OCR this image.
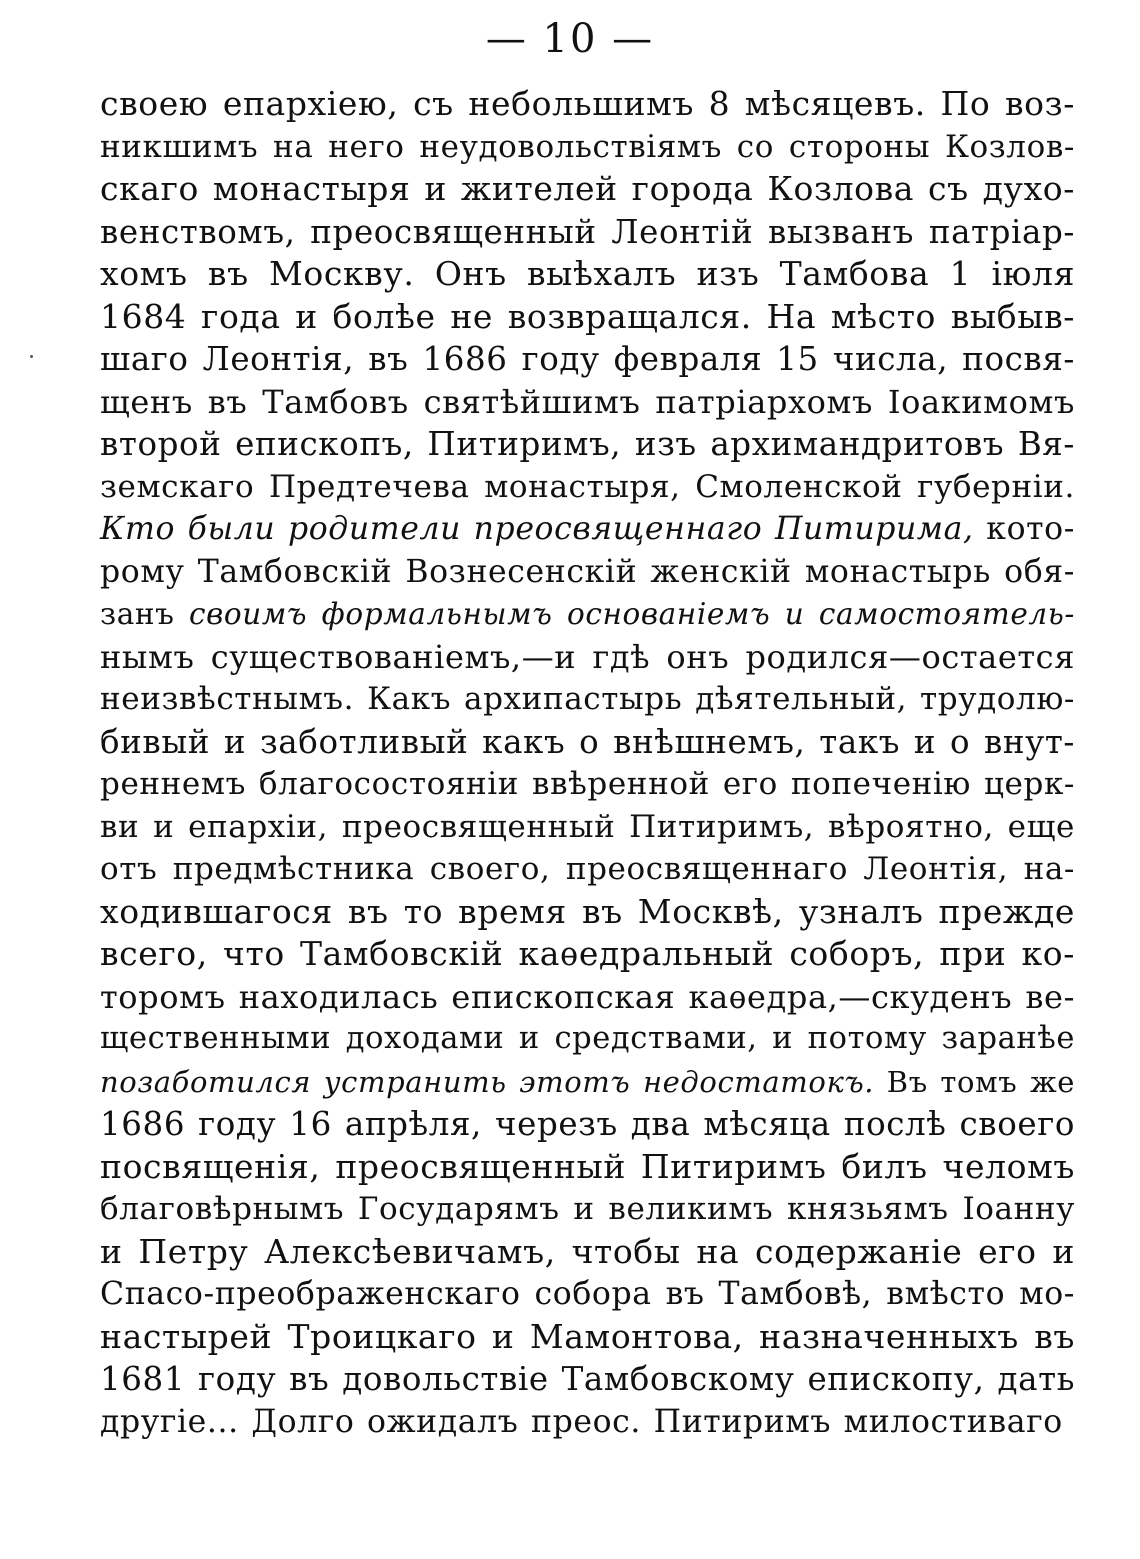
— 10 —
своею епархіею, съ небольшимъ 8 мѣсяцевъ. По воз-
никшимъ на него неудовольствіямъ со стороны Козлов-
скаго монастыря и жителей города Козлова съ духо-
венствомъ, преосвященный Леонтій вызванъ патріар-
хомъ въ Москву. Онъ выѣхалъ изъ Тамбова 1 іюля
1684 года и болѣе не возвращался. На мѣсто выбыв-
шаго Леонтія, въ 1686 году февраля 15 числа, посвя-
щенъ въ Тамбовъ святѣйшимъ патріархомъ Іоакимомъ
второй епископъ, Питиримъ, изъ архимандритовъ Вя-
земскаго Предтечева монастыря, Смоленской губерніи.
Кто были родители преосвященнаго Питирима, кото-
рому Тамбовскій Вознесенскій женскій монастырь обя-
занъ своимъ формальнымъ основаніемъ и самостоятель-
нымъ существованіемъ,—и гдѣ онъ родился—остается
неизвѣстнымъ. Какъ архипастырь дѣятельный, трудолю-
бивый и заботливый какъ о внѣшнемъ, такъ и о внут-
реннемъ благосостояніи ввѣренной его попеченію церк-
ви и епархіи, преосвященный Питиримъ, вѣроятно, еще
отъ предмѣстника своего, преосвященнаго Леонтія, на-
ходившагося въ то время въ Москвѣ, узналъ прежде
всего, что Тамбовскій каѳедральный соборъ, при ко-
торомъ находилась епископская каѳедра,—скуденъ ве-
щественными доходами и средствами, и потому заранѣе
позаботился устранить этотъ недостатокъ. Въ томъ же
1686 году 16 апрѣля, черезъ два мѣсяца послѣ своего
посвященія, преосвященный Питиримъ билъ челомъ
благовѣрнымъ Государямъ и великимъ князьямъ Іоанну
и Петру Алексѣевичамъ, чтобы на содержаніе его и
Спасо-преображенскаго собора въ Тамбовѣ, вмѣсто мо-
настырей Троицкаго и Мамонтова, назначенныхъ въ
1681 году въ довольствіе Тамбовскому епископу, дать
другіе... Долго ожидалъ преос. Питиримъ милостиваго
